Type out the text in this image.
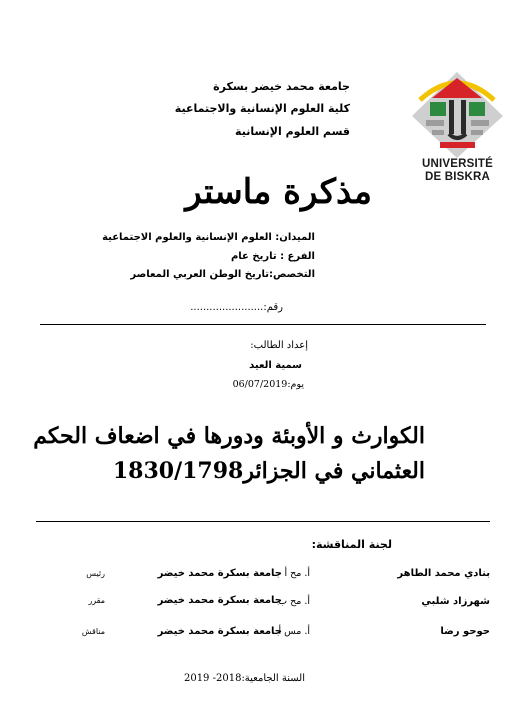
جامعة محمد خيضر بسكرة
كلية العلوم الإنسانية والاجتماعية
قسم العلوم الإنسانية
UNIVERSITÉ
DE BISKRA
مذكرة ماستر
الميدان: العلوم الإنسانية والعلوم الاجتماعية
الفرع : تاريخ عام
التخصص:تاريخ الوطن العربي المعاصر
رقم:.......................
إعداد الطالب:
سمية العيد
يوم:06/07/2019
الكوارث و الأوبئة ودورها في اضعاف الحكم
العثماني في الجزائر1830/1798
لجنة المناقشة:
بنادي محمد الطاهر
أ. مح أ
جامعة بسكرة محمد خيضر
رئيس
شهرزاد شلبي
أ. مح ب
جامعة بسكرة محمد خيضر
مقرر
حوحو رضا
أ. مس أ
جامعة بسكرة محمد خيضر
مناقش
السنة الجامعية:2018- 2019
